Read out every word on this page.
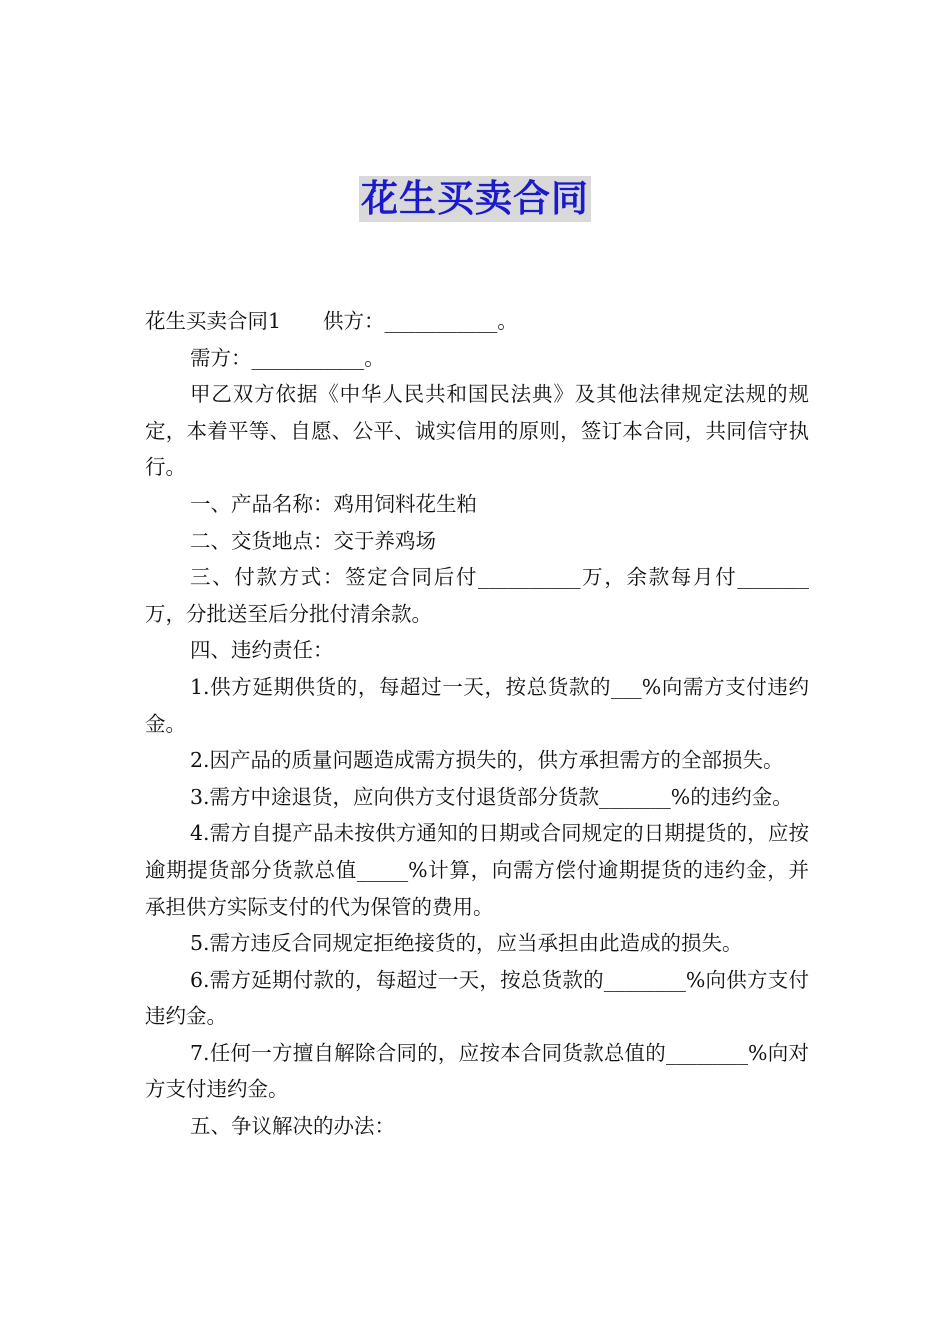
花生买卖合同

花生买卖合同1 供方：___________。

需方：___________。

甲乙双方依据《中华人民共和国民法典》及其他法律规定法规的规定，本着平等、自愿、公平、诚实信用的原则，签订本合同，共同信守执行。

一、产品名称：鸡用饲料花生粕

二、交货地点：交于养鸡场

三、付款方式：签定合同后付__________万，余款每月付_______万，分批送至后分批付清余款。

四、违约责任：

1.供方延期供货的，每超过一天，按总货款的___%向需方支付违约金。

2.因产品的质量问题造成需方损失的，供方承担需方的全部损失。

3.需方中途退货，应向供方支付退货部分货款_______%的违约金。

4.需方自提产品未按供方通知的日期或合同规定的日期提货的，应按逾期提货部分货款总值_____%计算，向需方偿付逾期提货的违约金，并承担供方实际支付的代为保管的费用。

5.需方违反合同规定拒绝接货的，应当承担由此造成的损失。

6.需方延期付款的，每超过一天，按总货款的________%向供方支付违约金。

7.任何一方擅自解除合同的，应按本合同货款总值的________%向对方支付违约金。

五、争议解决的办法：
